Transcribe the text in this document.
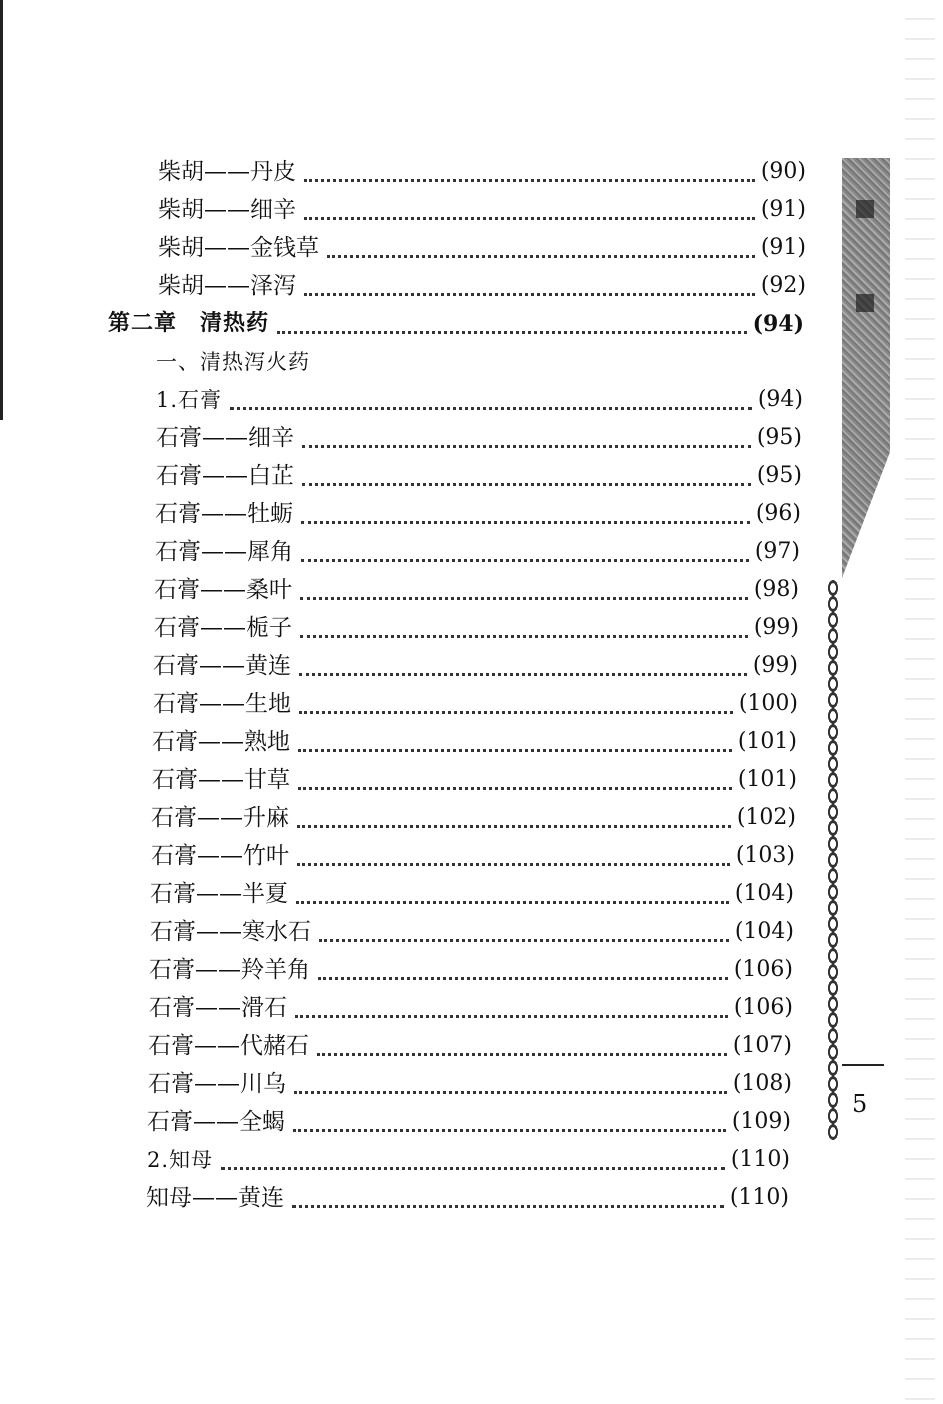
5
柴胡——丹皮	(90)
柴胡——细辛	(91)
柴胡——金钱草	(91)
柴胡——泽泻	(92)
第二章　清热药	(94)
一、清热泻火药
1.石膏	(94)
石膏——细辛	(95)
石膏——白芷	(95)
石膏——牡蛎	(96)
石膏——犀角	(97)
石膏——桑叶	(98)
石膏——栀子	(99)
石膏——黄连	(99)
石膏——生地	(100)
石膏——熟地	(101)
石膏——甘草	(101)
石膏——升麻	(102)
石膏——竹叶	(103)
石膏——半夏	(104)
石膏——寒水石	(104)
石膏——羚羊角	(106)
石膏——滑石	(106)
石膏——代赭石	(107)
石膏——川乌	(108)
石膏——全蝎	(109)
2.知母	(110)
知母——黄连	(110)
